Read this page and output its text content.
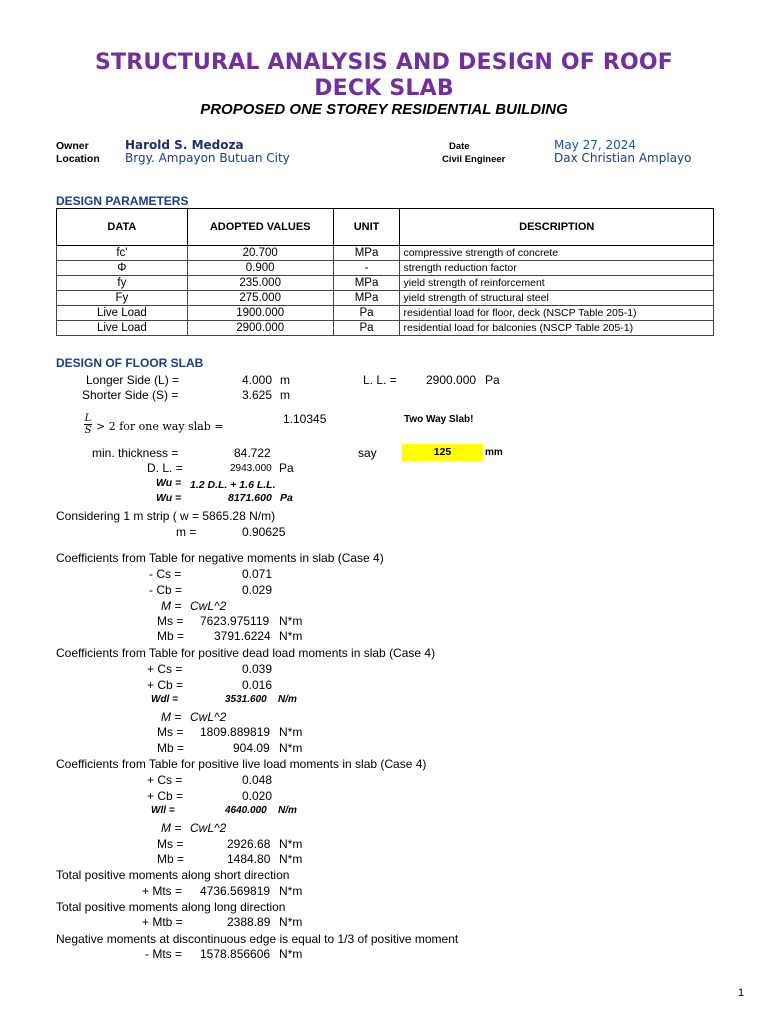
STRUCTURAL ANALYSIS AND DESIGN OF ROOF
DECK SLAB
PROPOSED ONE STOREY RESIDENTIAL BUILDING
Owner	Harold S. Medoza
Location Brgy. Ampayon Butuan City
Date	May 27, 2024
Civil Engineer	Dax Christian Amplayo
DESIGN PARAMETERS
DATA	ADOPTED VALUES	UNIT	DESCRIPTION
fc'	20.700	MPa	compressive strength of concrete
Φ	0.900	-	strength reduction factor
fy	235.000	MPa	yield strength of reinforcement
Fy	275.000	MPa	yield strength of structural steel
Live Load	1900.000	Pa	residential load for floor, deck (NSCP Table 205-1)
Live Load	2900.000	Pa	residential load for balconies (NSCP Table 205-1)
DESIGN OF FLOOR SLAB
Longer Side (L) =	4.000 m	L. L. = 2900.000 Pa
Shorter Side (S) =	3.625 m
L
S > 2 for one way slab =
1.10345	Two Way Slab!
min. thickness =	84.722	say	125	mm
D. L. =	2943.000 Pa
Wu = 1.2 D.L. + 1.6 L.L.
Wu =	8171.600 Pa
Considering 1 m strip ( w = 5865.28 N/m)
m =	0.90625
Coefficients from Table for negative moments in slab (Case 4)
- Cs =	0.071
- Cb =	0.029
M = CwL^2
Ms = 7623.975119 N*m
Mb = 3791.6224 N*m
Coefficients from Table for positive dead load moments in slab (Case 4)
+ Cs =	0.039
+ Cb =	0.016
Wdl =	3531.600 N/m
M = CwL^2
Ms = 1809.889819 N*m
Mb =	904.09 N*m
Coefficients from Table for positive live load moments in slab (Case 4)
+ Cs =	0.048
+ Cb =	0.020
Wll =	4640.000 N/m
M = CwL^2
Ms =	2926.68 N*m
Mb =	1484.80 N*m
Total positive moments along short direction
+ Mts = 4736.569819 N*m
Total positive moments along long direction
+ Mtb =	2388.89 N*m
Negative moments at discontinuous edge is equal to 1/3 of positive moment
- Mts = 1578.856606 N*m
1
